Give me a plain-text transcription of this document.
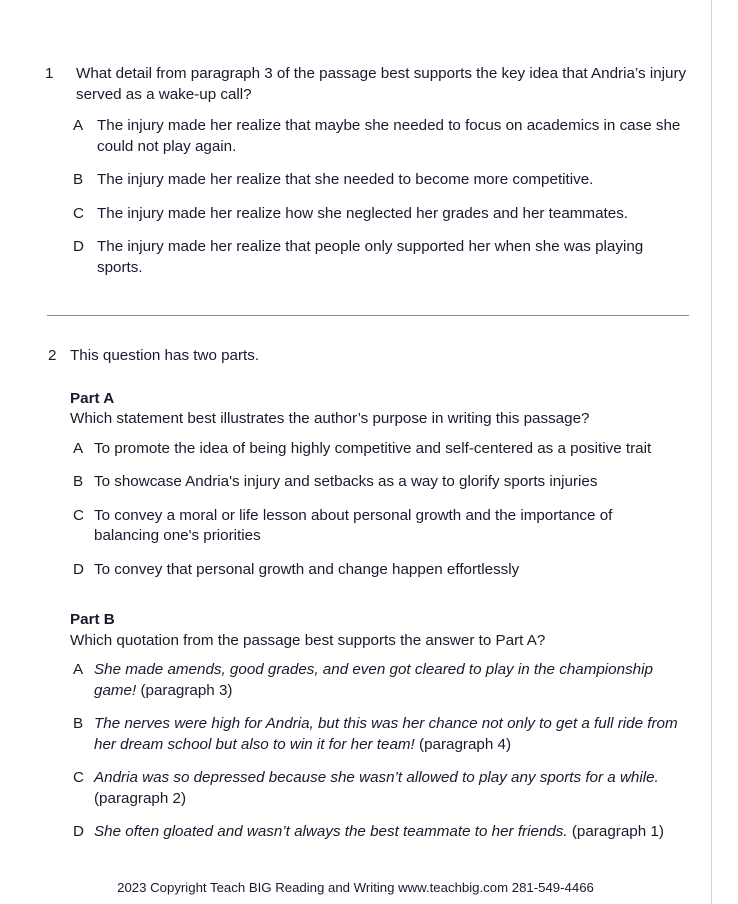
1	What detail from paragraph 3 of the passage best supports the key idea that Andria’s injury served as a wake-up call?
A The injury made her realize that maybe she needed to focus on academics in case she could not play again.
B The injury made her realize that she needed to become more competitive.
C The injury made her realize how she neglected her grades and her teammates.
D The injury made her realize that people only supported her when she was playing sports.
2 This question has two parts.
Part A
Which statement best illustrates the author’s purpose in writing this passage?
A To promote the idea of being highly competitive and self-centered as a positive trait
B To showcase Andria's injury and setbacks as a way to glorify sports injuries
C To convey a moral or life lesson about personal growth and the importance of balancing one's priorities
D To convey that personal growth and change happen effortlessly
Part B
Which quotation from the passage best supports the answer to Part A?
A She made amends, good grades, and even got cleared to play in the championship game! (paragraph 3)
B The nerves were high for Andria, but this was her chance not only to get a full ride from her dream school but also to win it for her team! (paragraph 4)
C Andria was so depressed because she wasn’t allowed to play any sports for a while. (paragraph 2)
D She often gloated and wasn’t always the best teammate to her friends. (paragraph 1)
2023 Copyright Teach BIG Reading and Writing www.teachbig.com 281-549-4466
